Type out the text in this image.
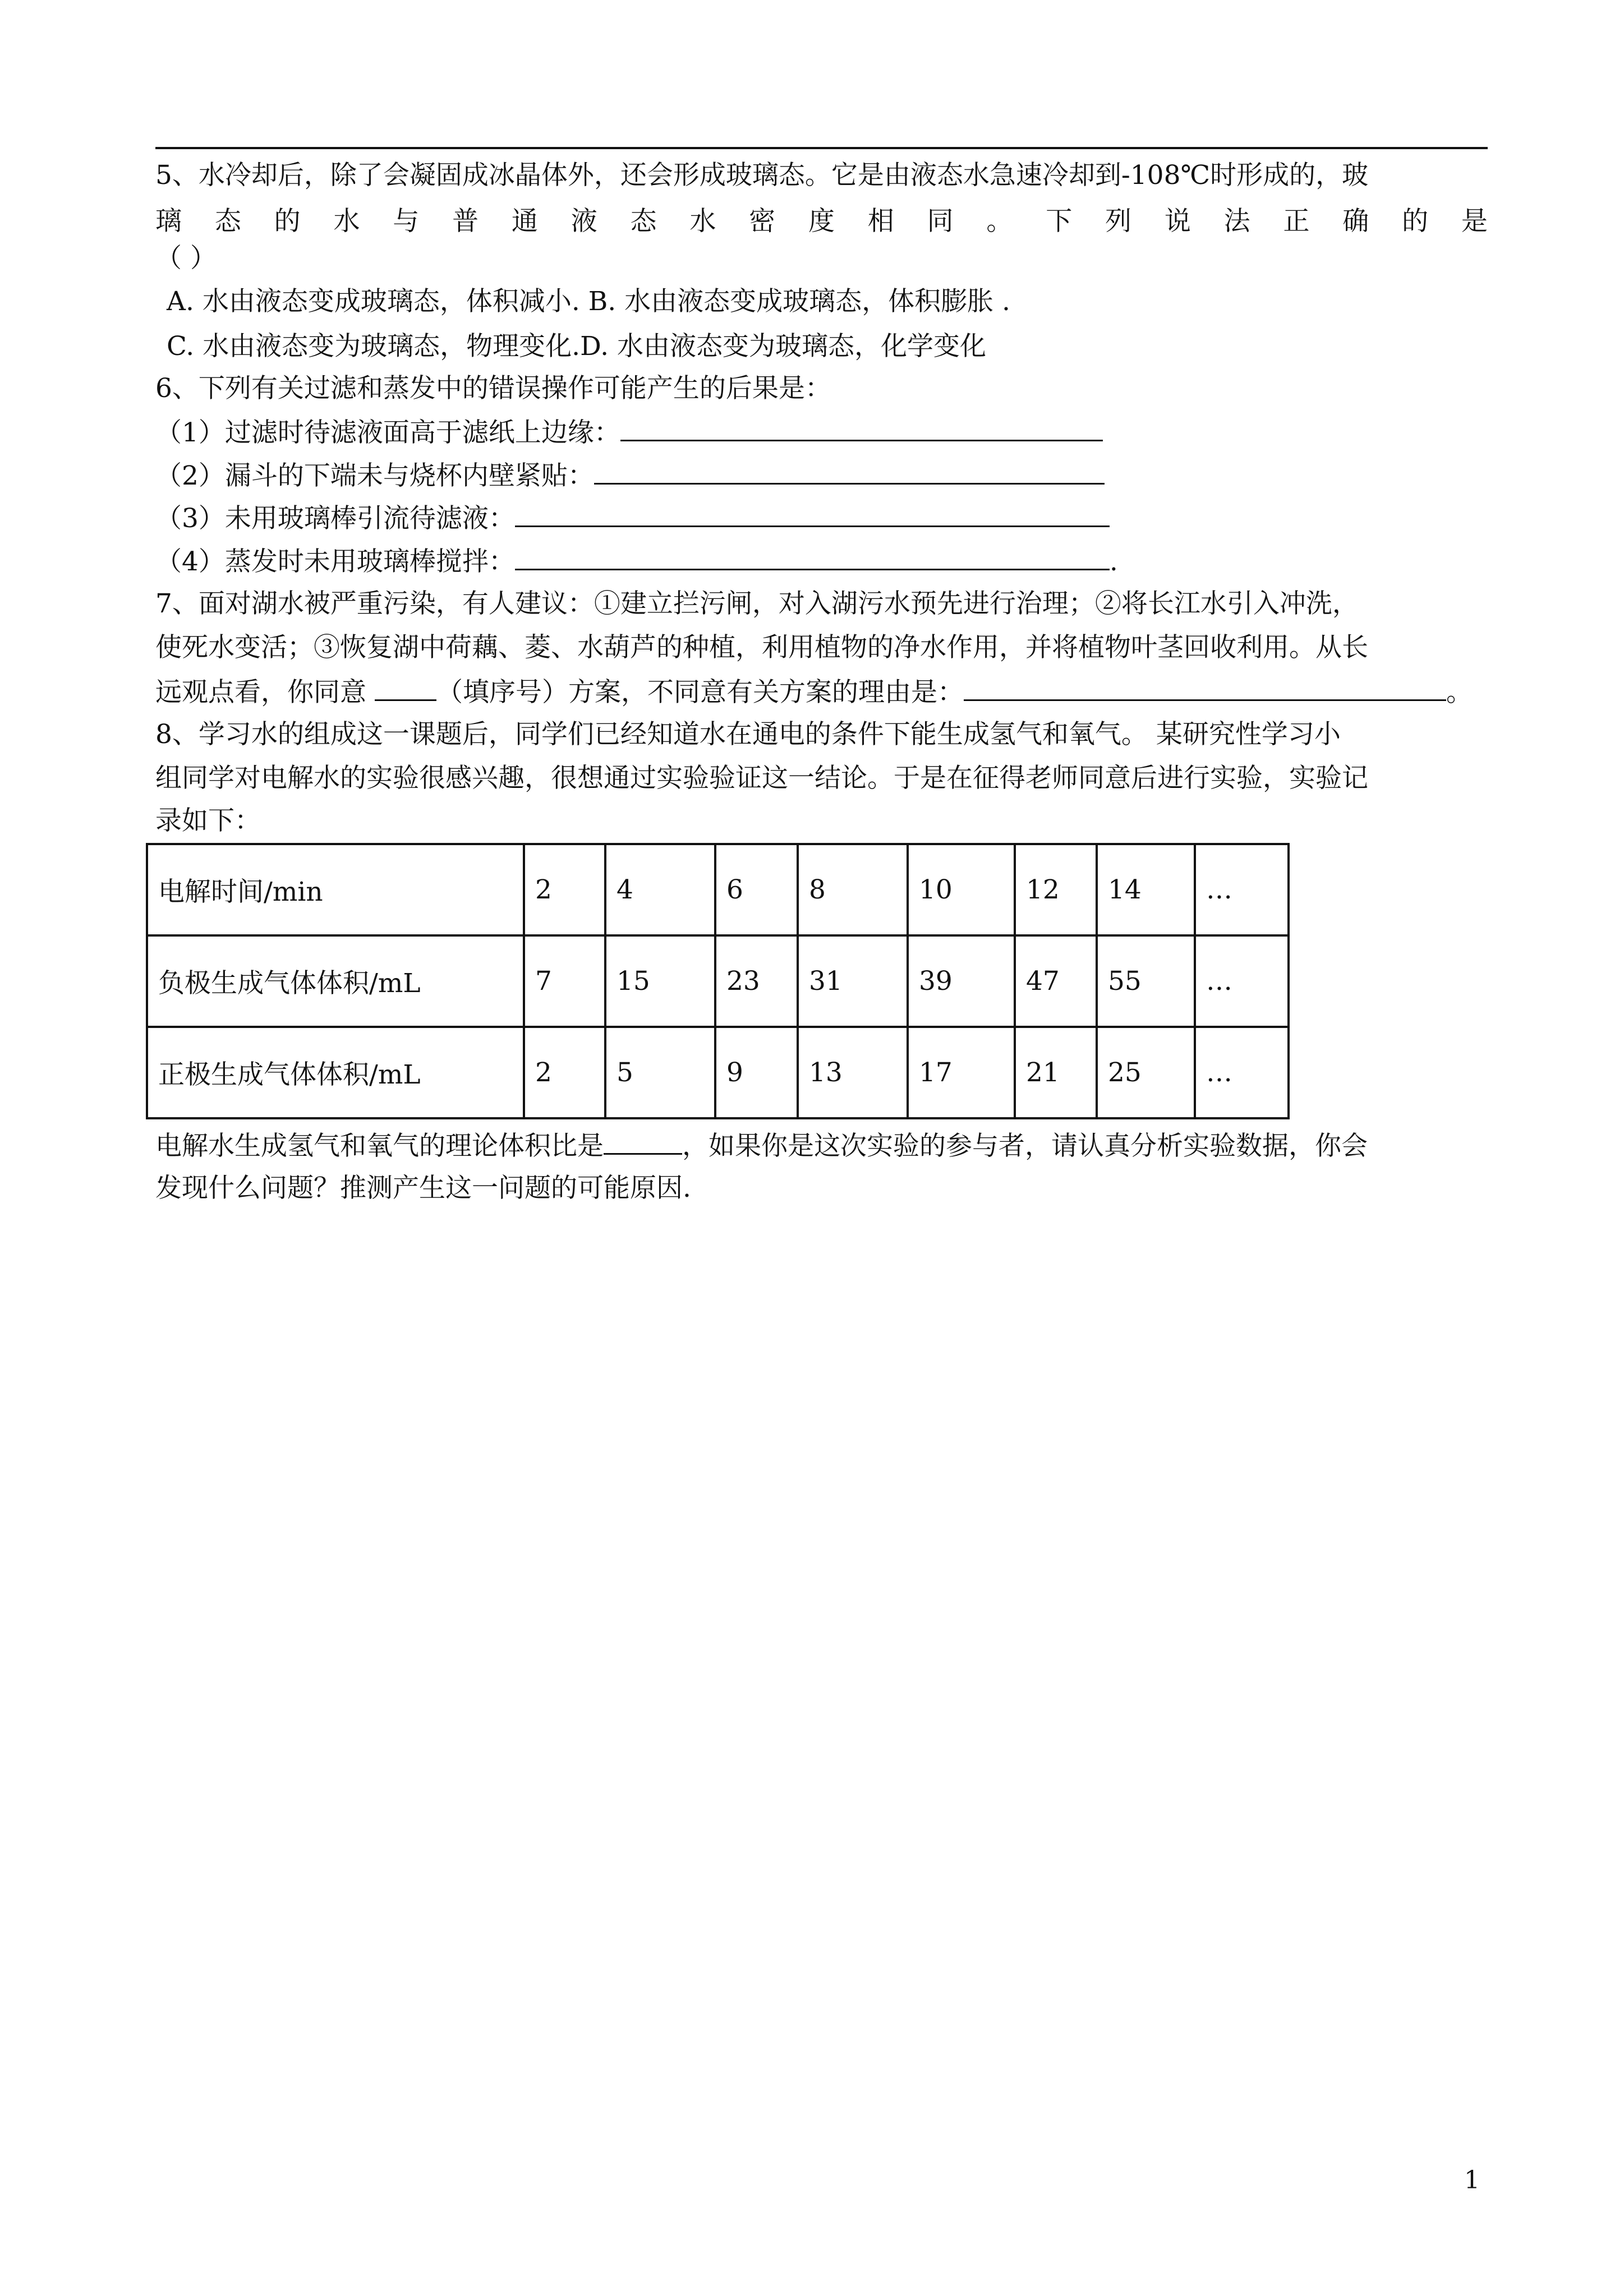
5、水冷却后，除了会凝固成冰晶体外，还会形成玻璃态。它是由液态水急速冷却到-108℃时形成的，玻
璃 态 的 水 与 普 通 液 态 水 密 度 相 同 。 下 列 说 法 正 确 的 是
（ ）
A. 水由液态变成玻璃态，体积减小. B. 水由液态变成玻璃态，体积膨胀 .
C. 水由液态变为玻璃态，物理变化.D. 水由液态变为玻璃态，化学变化
6、下列有关过滤和蒸发中的错误操作可能产生的后果是：
（1）过滤时待滤液面高于滤纸上边缘：
（2）漏斗的下端未与烧杯内壁紧贴：
（3）未用玻璃棒引流待滤液：
（4）蒸发时未用玻璃棒搅拌：	.
7、面对湖水被严重污染，有人建议：①建立拦污闸，对入湖污水预先进行治理；②将长江水引入冲洗，
使死水变活；③恢复湖中荷藕、菱、水葫芦的种植，利用植物的净水作用，并将植物叶茎回收利用。从长
远观点看，你同意	（填序号）方案，不同意有关方案的理由是：	。
8、学习水的组成这一课题后，同学们已经知道水在通电的条件下能生成氢气和氧气。 某研究性学习小
组同学对电解水的实验很感兴趣，很想通过实验验证这一结论。于是在征得老师同意后进行实验，实验记
录如下：
电解时间/min	2	4	6	8	10	12	14	…
负极生成气体体积/mL	7	15	23	31	39	47	55	…
正极生成气体体积/mL	2	5	9	13	17	21	25	…
电解水生成氢气和氧气的理论体积比是	，如果你是这次实验的参与者，请认真分析实验数据，你会
发现什么问题？推测产生这一问题的可能原因.
1
